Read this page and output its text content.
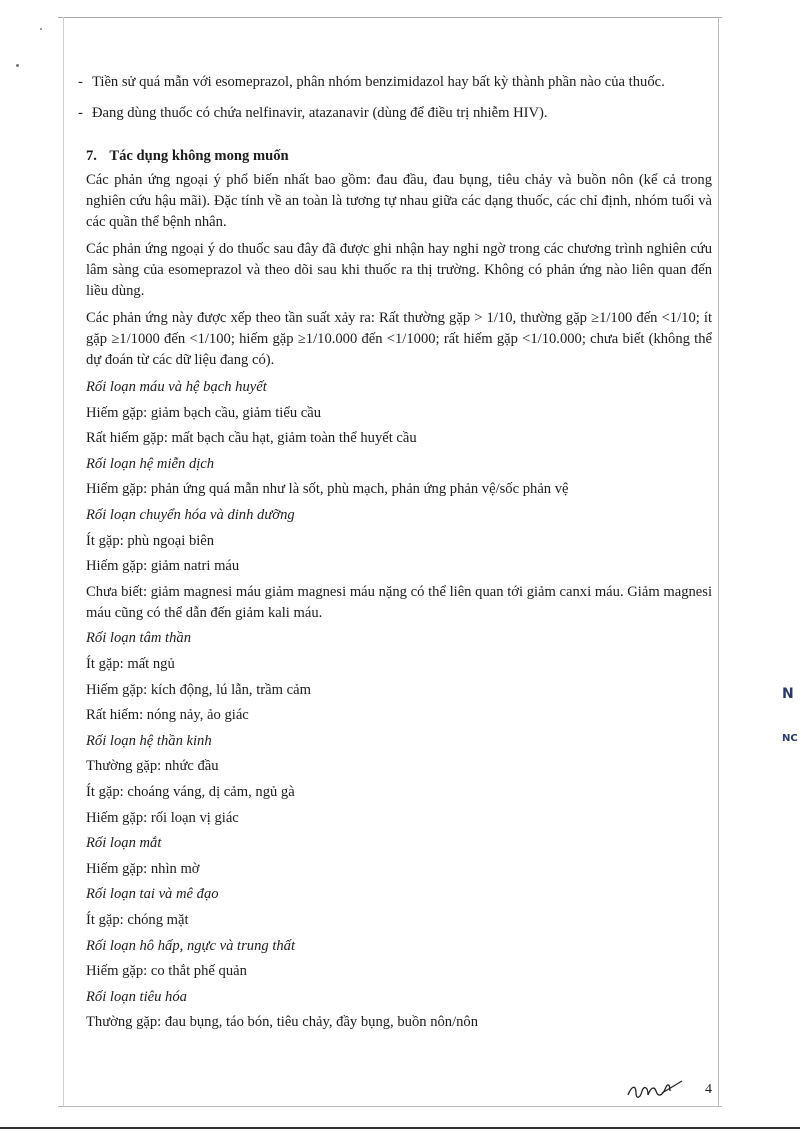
- Tiền sử quá mẫn với esomeprazol, phân nhóm benzimidazol hay bất kỳ thành phần nào của thuốc.
- Đang dùng thuốc có chứa nelfinavir, atazanavir (dùng để điều trị nhiễm HIV).
7. Tác dụng không mong muốn
Các phản ứng ngoại ý phổ biến nhất bao gồm: đau đầu, đau bụng, tiêu chảy và buồn nôn (kể cả trong nghiên cứu hậu mãi). Đặc tính về an toàn là tương tự nhau giữa các dạng thuốc, các chỉ định, nhóm tuổi và các quần thể bệnh nhân.
Các phản ứng ngoại ý do thuốc sau đây đã được ghi nhận hay nghi ngờ trong các chương trình nghiên cứu lâm sàng của esomeprazol và theo dõi sau khi thuốc ra thị trường. Không có phản ứng nào liên quan đến liều dùng.
Các phản ứng này được xếp theo tần suất xảy ra: Rất thường gặp > 1/10, thường gặp ≥1/100 đến <1/10; ít gặp ≥1/1000 đến <1/100; hiếm gặp ≥1/10.000 đến <1/1000; rất hiếm gặp <1/10.000; chưa biết (không thể dự đoán từ các dữ liệu đang có).
Rối loạn máu và hệ bạch huyết
Hiếm gặp: giảm bạch cầu, giảm tiểu cầu
Rất hiếm gặp: mất bạch cầu hạt, giảm toàn thể huyết cầu
Rối loạn hệ miễn dịch
Hiếm gặp: phản ứng quá mẫn như là sốt, phù mạch, phản ứng phản vệ/sốc phản vệ
Rối loạn chuyển hóa và dinh dưỡng
Ít gặp: phù ngoại biên
Hiếm gặp: giảm natri máu
Chưa biết: giảm magnesi máu giảm magnesi máu nặng có thể liên quan tới giảm canxi máu. Giảm magnesi máu cũng có thể dẫn đến giảm kali máu.
Rối loạn tâm thần
Ít gặp: mất ngủ
Hiếm gặp: kích động, lú lẫn, trầm cảm
Rất hiếm: nóng nảy, ảo giác
Rối loạn hệ thần kinh
Thường gặp: nhức đầu
Ít gặp: choáng váng, dị cảm, ngủ gà
Hiếm gặp: rối loạn vị giác
Rối loạn mắt
Hiếm gặp: nhìn mờ
Rối loạn tai và mê đạo
Ít gặp: chóng mặt
Rối loạn hô hấp, ngực và trung thất
Hiếm gặp: co thắt phế quản
Rối loạn tiêu hóa
Thường gặp: đau bụng, táo bón, tiêu chảy, đầy bụng, buồn nôn/nôn
4
N
NC
